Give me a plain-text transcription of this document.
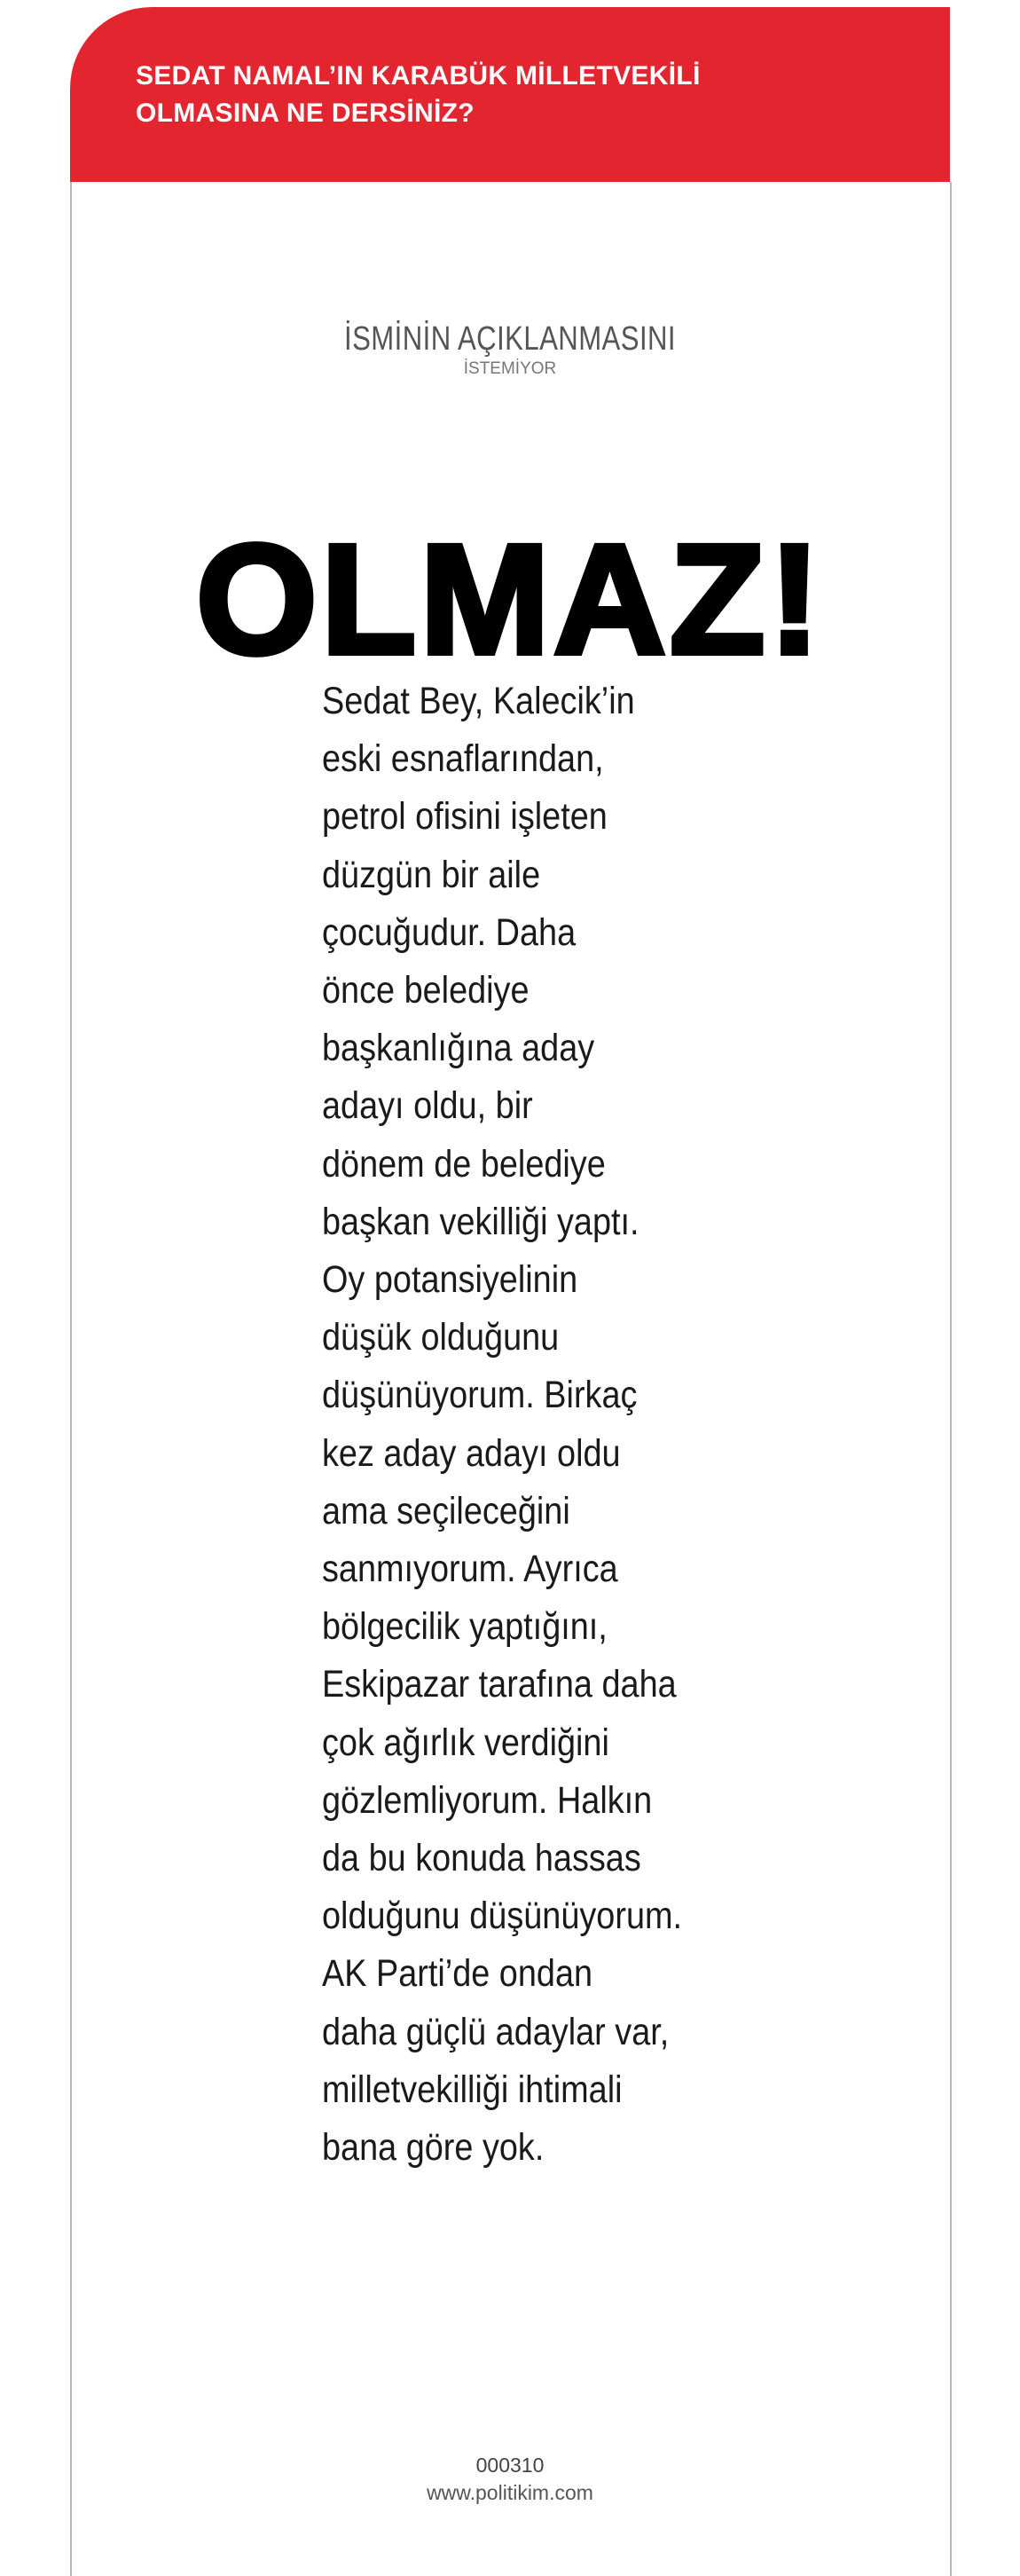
SEDAT NAMAL’IN KARABÜK MİLLETVEKİLİ
OLMASINA NE DERSİNİZ?
İSMİNİN AÇIKLANMASINI
İSTEMİYOR
OLMAZ!
Sedat Bey, Kalecik’in
eski esnaflarından,
petrol ofisini işleten
düzgün bir aile
çocuğudur. Daha
önce belediye
başkanlığına aday
adayı oldu, bir
dönem de belediye
başkan vekilliği yaptı.
Oy potansiyelinin
düşük olduğunu
düşünüyorum. Birkaç
kez aday adayı oldu
ama seçileceğini
sanmıyorum. Ayrıca
bölgecilik yaptığını,
Eskipazar tarafına daha
çok ağırlık verdiğini
gözlemliyorum. Halkın
da bu konuda hassas
olduğunu düşünüyorum.
AK Parti’de ondan
daha güçlü adaylar var,
milletvekilliği ihtimali
bana göre yok.
000310
www.politikim.com
